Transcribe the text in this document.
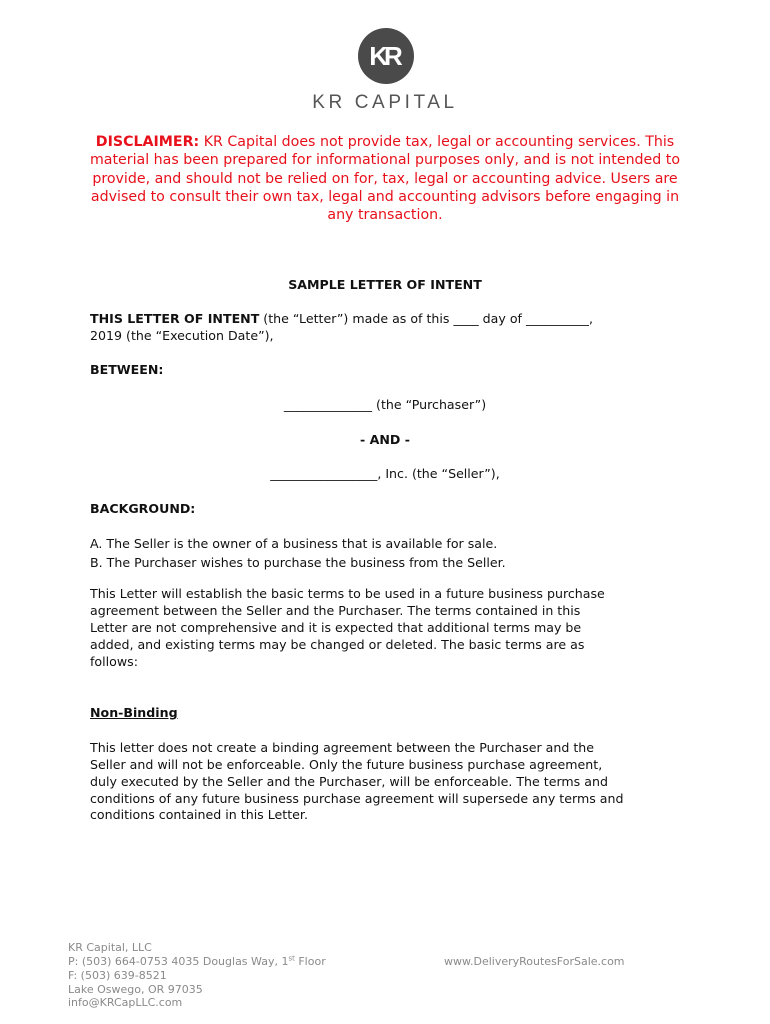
KR
KR CAPITAL
DISCLAIMER: KR Capital does not provide tax, legal or accounting services. This material has been prepared for informational purposes only, and is not intended to provide, and should not be relied on for, tax, legal or accounting advice. Users are advised to consult their own tax, legal and accounting advisors before engaging in any transaction.
SAMPLE LETTER OF INTENT
THIS LETTER OF INTENT (the “Letter”) made as of this ____ day of __________,
2019 (the “Execution Date”),
BETWEEN:
______________ (the “Purchaser”)
- AND -
_________________, Inc. (the “Seller”),
BACKGROUND:
A. The Seller is the owner of a business that is available for sale.
B. The Purchaser wishes to purchase the business from the Seller.
This Letter will establish the basic terms to be used in a future business purchase
agreement between the Seller and the Purchaser. The terms contained in this
Letter are not comprehensive and it is expected that additional terms may be
added, and existing terms may be changed or deleted. The basic terms are as
follows:
Non-Binding
This letter does not create a binding agreement between the Purchaser and the
Seller and will not be enforceable. Only the future business purchase agreement,
duly executed by the Seller and the Purchaser, will be enforceable. The terms and
conditions of any future business purchase agreement will supersede any terms and
conditions contained in this Letter.
KR Capital, LLC
P: (503) 664-0753 4035 Douglas Way, 1st Floor
F: (503) 639-8521
Lake Oswego, OR 97035
info@KRCapLLC.com
www.DeliveryRoutesForSale.com
